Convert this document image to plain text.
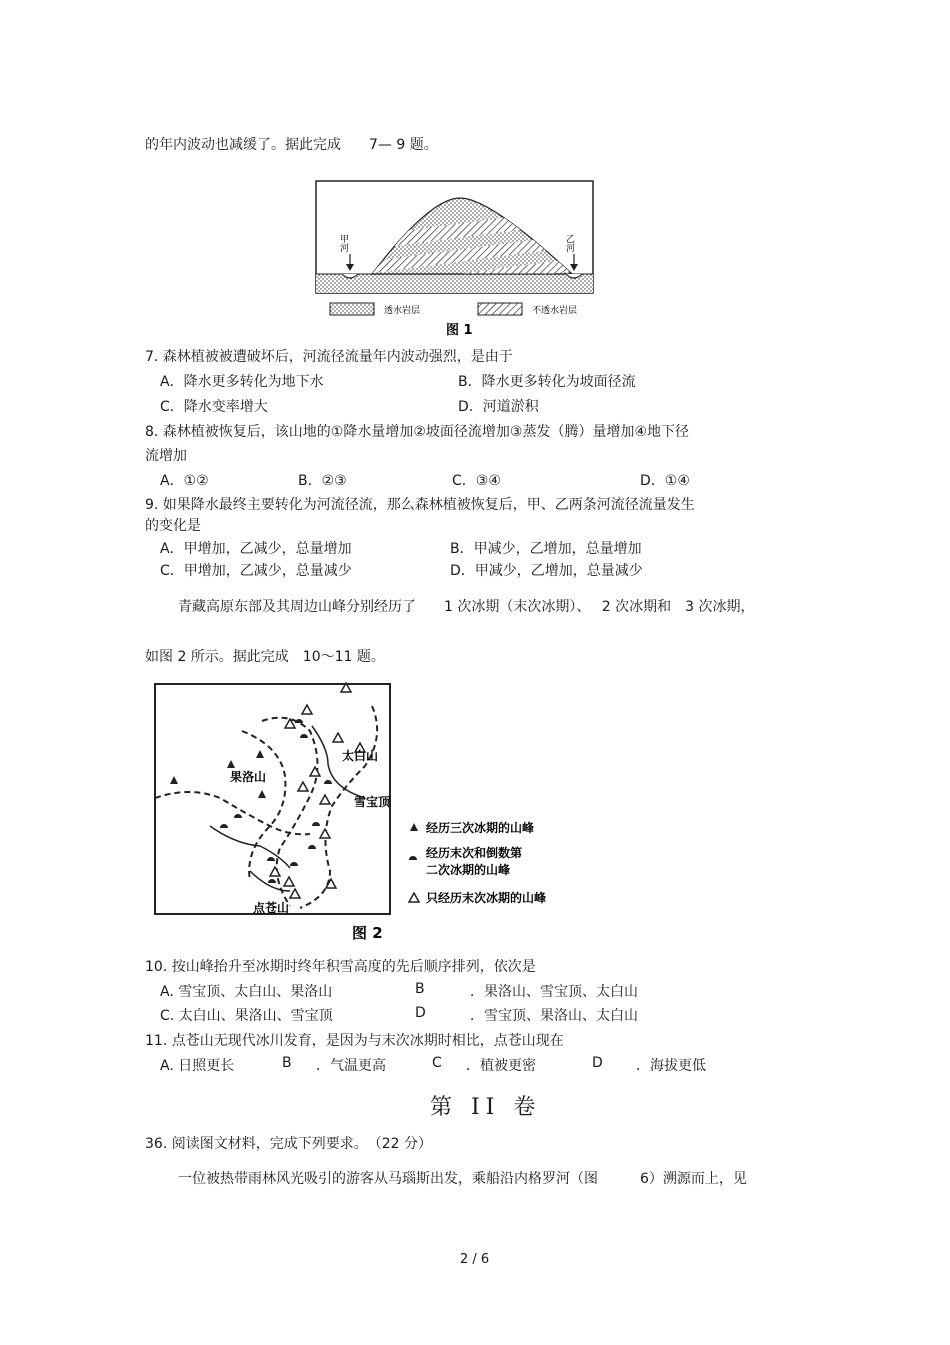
的年内波动也减缓了。据此完成　　7— 9 题。
甲河	乙河
透水岩层	不透水岩层
图 1
7. 森林植被被遭破坏后，河流径流量年内波动强烈，是由于
A．降水更多转化为地下水	B．降水更多转化为坡面径流
C．降水变率增大	D．河道淤积
8. 森林植被恢复后，该山地的①降水量增加②坡面径流增加③蒸发（腾）量增加④地下径
流增加
A．①②	B．②③	C．③④	D．①④
9. 如果降水最终主要转化为河流径流，那么森林植被恢复后，甲、乙两条河流径流量发生
的变化是
A．甲增加，乙减少，总量增加	B．甲减少，乙增加，总量增加
C．甲增加，乙减少，总量减少	D．甲减少，乙增加，总量减少
青藏高原东部及其周边山峰分别经历了　　1 次冰期（末次冰期）、　 2 次冰期和　3 次冰期，
如图 2 所示。据此完成　10～11 题。
果洛山
太白山
雪宝顶
点苍山
经历三次冰期的山峰
经历末次和倒数第
二次冰期的山峰
只经历末次冰期的山峰
图 2
10. 按山峰抬升至冰期时终年积雪高度的先后顺序排列，依次是
A. 雪宝顶、太白山、果洛山	B	．果洛山、雪宝顶、太白山
C. 太白山、果洛山、雪宝顶	D	．雪宝顶、果洛山、太白山
11. 点苍山无现代冰川发育，是因为与末次冰期时相比，点苍山现在
A. 日照更长	B ．气温更高	C ．植被更密	D ．海拔更低
第 II 卷
36. 阅读图文材料，完成下列要求。　（22 分）
一位被热带雨林风光吸引的游客从马瑙斯出发，乘船沿内格罗河（图　　　6）溯源而上，见
2 / 6
